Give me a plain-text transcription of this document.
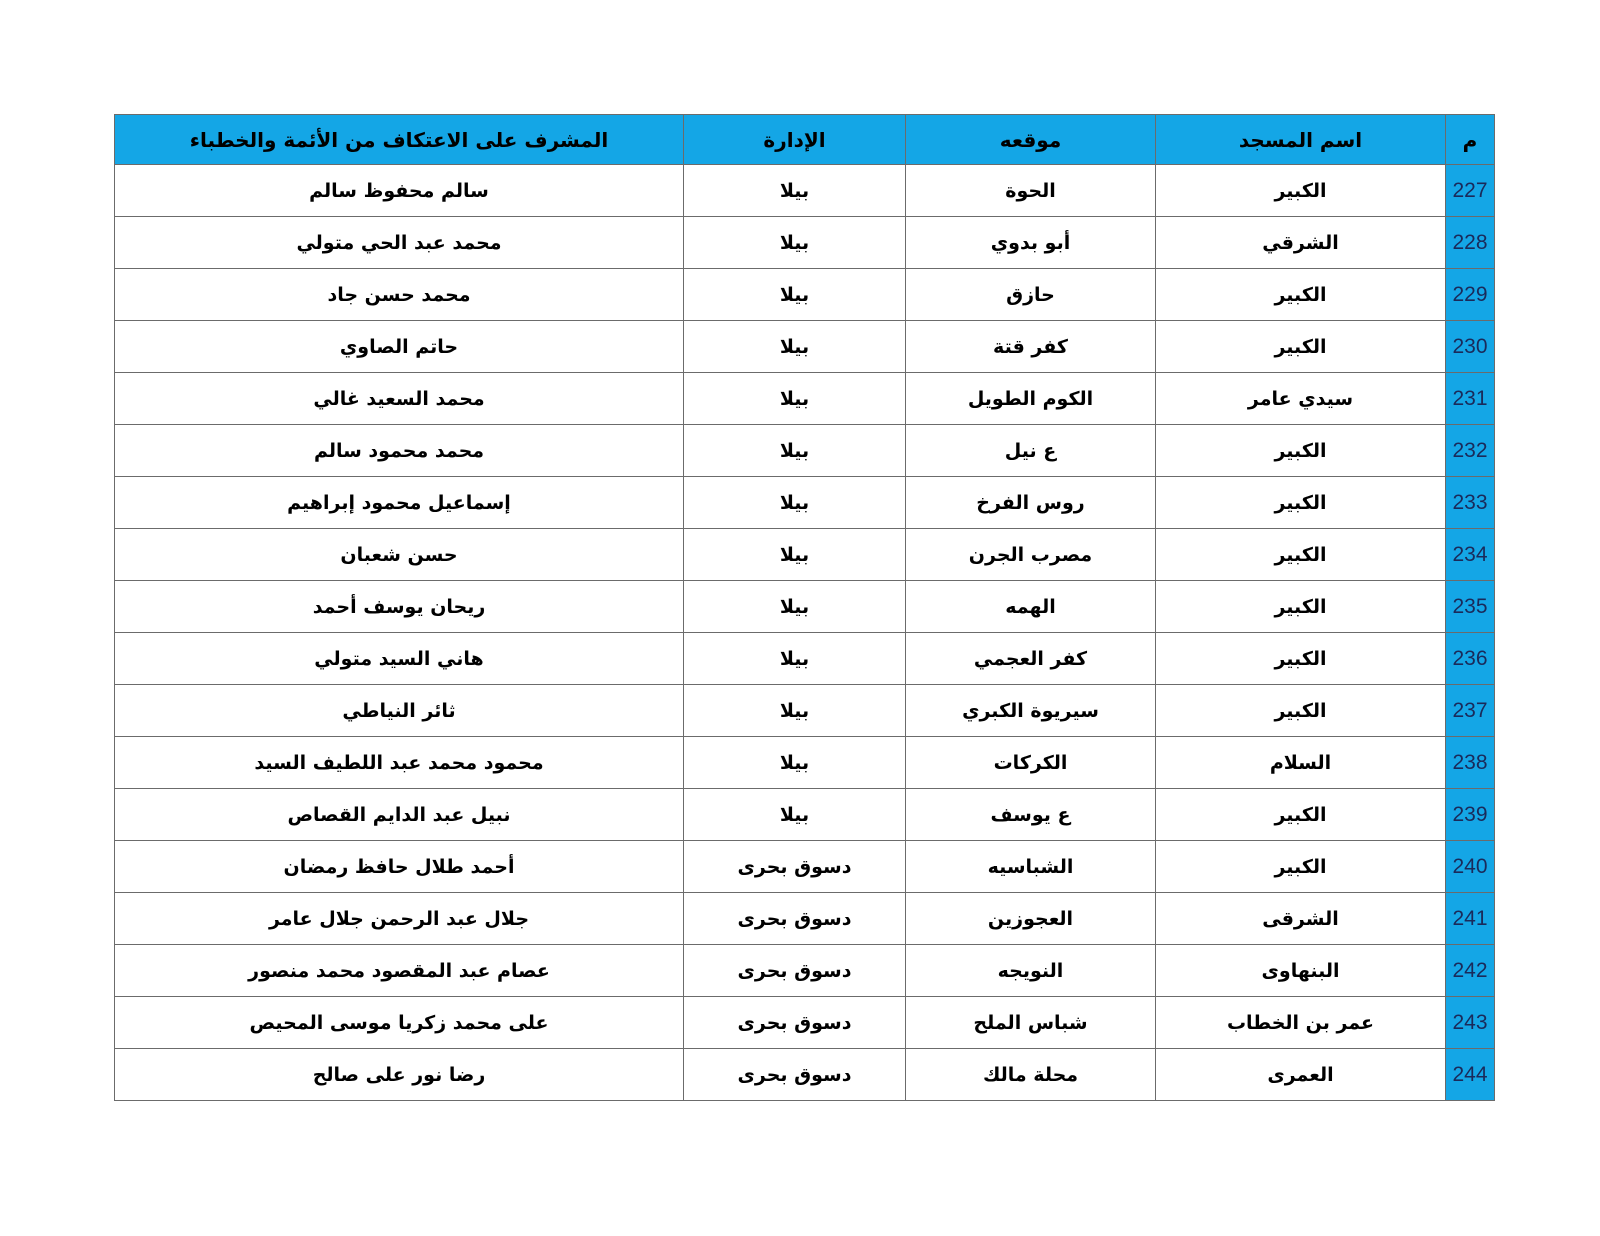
م	اسم المسجد	موقعه	الإدارة	المشرف على الاعتكاف من الأئمة والخطباء
227	الكبير	الحوة	بيلا	سالم محفوظ سالم
228	الشرقي	أبو بدوي	بيلا	محمد عبد الحي متولي
229	الكبير	حازق	بيلا	محمد حسن جاد
230	الكبير	كفر قتة	بيلا	حاتم الصاوي
231	سيدي عامر	الكوم الطويل	بيلا	محمد السعيد غالي
232	الكبير	ع نيل	بيلا	محمد محمود سالم
233	الكبير	روس الفرخ	بيلا	إسماعيل محمود إبراهيم
234	الكبير	مصرب الجرن	بيلا	حسن شعبان
235	الكبير	الهمه	بيلا	ريحان يوسف أحمد
236	الكبير	كفر العجمي	بيلا	هاني السيد متولي
237	الكبير	سيريوة الكبري	بيلا	ثائر النياطي
238	السلام	الكركات	بيلا	محمود محمد عبد اللطيف السيد
239	الكبير	ع يوسف	بيلا	نبيل عبد الدايم القصاص
240	الكبير	الشباسيه	دسوق بحرى	أحمد طلال حافظ رمضان
241	الشرقى	العجوزين	دسوق بحرى	جلال عبد الرحمن جلال عامر
242	البنهاوى	النويجه	دسوق بحرى	عصام عبد المقصود محمد منصور
243	عمر بن الخطاب	شباس الملح	دسوق بحرى	على محمد زكريا موسى المحيص
244	العمرى	محلة مالك	دسوق بحرى	رضا نور على صالح
